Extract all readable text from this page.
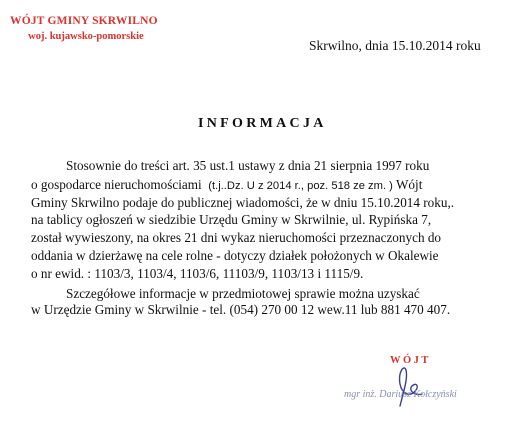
WÓJT GMINY SKRWILNO
woj. kujawsko-pomorskie
Skrwilno, dnia 15.10.2014 roku
INFORMACJA
Stosownie do treści art. 35 ust.1 ustawy z dnia 21 sierpnia 1997 roku
o gospodarce nieruchomościami (t.j..Dz. U z 2014 r., poz. 518 ze zm. ) Wójt
Gminy Skrwilno podaje do publicznej wiadomości, że w dniu 15.10.2014 roku,.
na tablicy ogłoszeń w siedzibie Urzędu Gminy w Skrwilnie, ul. Rypińska 7,
został wywieszony, na okres 21 dni wykaz nieruchomości przeznaczonych do
oddania w dzierżawę na cele rolne - dotyczy działek położonych w Okalewie
o nr ewid. : 1103/3, 1103/4, 1103/6, 11103/9, 1103/13 i 1115/9.
Szczegółowe informacje w przedmiotowej sprawie można uzyskać
w Urzędzie Gminy w Skrwilnie - tel. (054) 270 00 12 wew.11 lub 881 470 407.
WÓJT
mgr inż. Dariusz Kołczyński
